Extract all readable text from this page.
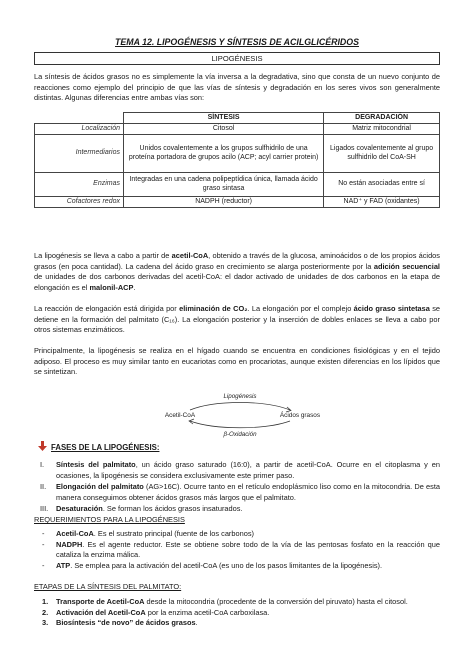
TEMA 12. LIPOGÉNESIS Y SÍNTESIS DE ACILGLICÉRIDOS
LIPOGÉNESIS
La síntesis de ácidos grasos no es simplemente la vía inversa a la degradativa, sino que consta de un nuevo conjunto de reacciones como ejemplo del principio de que las vías de síntesis y degradación en los seres vivos son generalmente distintas. Algunas diferencias entre ambas vías son:
	SÍNTESIS	DEGRADACIÓN
Localización	Citosol	Matriz mitocondrial
Intermediarios	Unidos covalentemente a los grupos sulfhidrilo de una proteína portadora de grupos acilo (ACP; acyl carrier protein)	Ligados covalentemente al grupo sulfhidrilo del CoA-SH
Enzimas	Integradas en una cadena polipeptídica única, llamada ácido graso sintasa	No están asociadas entre sí
Cofactores redox	NADPH (reductor)	NAD⁺ y FAD (oxidantes)
La lipogénesis se lleva a cabo a partir de acetil-CoA, obtenido a través de la glucosa, aminoácidos o de los propios ácidos grasos (en poca cantidad). La cadena del ácido graso en crecimiento se alarga posteriormente por la adición secuencial de unidades de dos carbonos derivadas del acetil-CoA: el dador activado de unidades de dos carbonos en la etapa de elongación es el malonil-ACP.
La reacción de elongación está dirigida por eliminación de CO₂. La elongación por el complejo ácido graso sintetasa se detiene en la formación del palmitato (C₁₆). La elongación posterior y la inserción de dobles enlaces se lleva a cabo por otros sistemas enzimáticos.
Principalmente, la lipogénesis se realiza en el hígado cuando se encuentra en condiciones fisiológicas y en el tejido adiposo. El proceso es muy similar tanto en eucariotas como en procariotas, aunque existen diferencias en los lípidos que se sintetizan.
Lipogénesis
Acetil-CoA	Ácidos grasos
β-Oxidación
FASES DE LA LIPOGÉNESIS:
I. Síntesis del palmitato, un ácido graso saturado (16:0), a partir de acetil-CoA. Ocurre en el citoplasma y en ocasiones, la lipogénesis se considera exclusivamente este primer paso.
II. Elongación del palmitato (AG>16C). Ocurre tanto en el retículo endoplásmico liso como en la mitocondria. De esta manera conseguimos obtener ácidos grasos más largos que el palmitato.
III. Desaturación. Se forman los ácidos grasos insaturados.
REQUERIMIENTOS PARA LA LIPOGÉNESIS
- Acetil-CoA. Es el sustrato principal (fuente de los carbonos)
- NADPH. Es el agente reductor. Este se obtiene sobre todo de la vía de las pentosas fosfato en la reacción que cataliza la enzima málica.
- ATP. Se emplea para la activación del acetil-CoA (es uno de los pasos limitantes de la lipogénesis).
ETAPAS DE LA SÍNTESIS DEL PALMITATO:
1. Transporte de Acetil-CoA desde la mitocondria (procedente de la conversión del piruvato) hasta el citosol.
2. Activación del Acetil-CoA por la enzima acetil-CoA carboxilasa.
3. Biosíntesis “de novo” de ácidos grasos.
